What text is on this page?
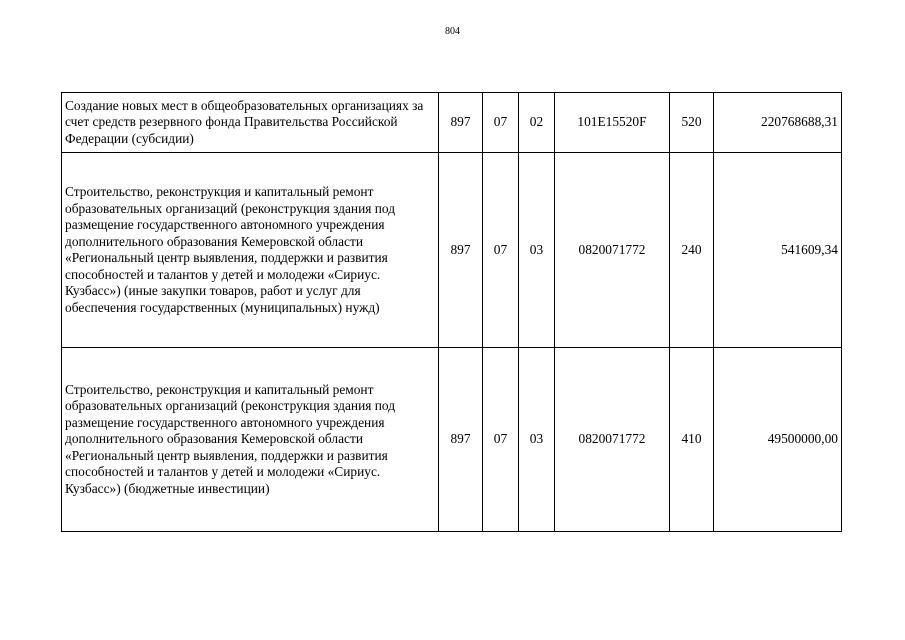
804
Создание новых мест в общеобразовательных организациях за счет средств резервного фонда Правительства Российской Федерации (субсидии)	897	07	02	101E15520F	520	220768688,31
Строительство, реконструкция и капитальный ремонт образовательных организаций (реконструкция здания под размещение государственного автономного учреждения дополнительного образования Кемеровской области «Региональный центр выявления, поддержки и развития способностей и талантов у детей и молодежи «Сириус. Кузбасс») (иные закупки товаров, работ и услуг для обеспечения государственных (муниципальных) нужд)	897	07	03	0820071772	240	541609,34
Строительство, реконструкция и капитальный ремонт образовательных организаций (реконструкция здания под размещение государственного автономного учреждения дополнительного образования Кемеровской области «Региональный центр выявления, поддержки и развития способностей и талантов у детей и молодежи «Сириус. Кузбасс») (бюджетные инвестиции)	897	07	03	0820071772	410	49500000,00
